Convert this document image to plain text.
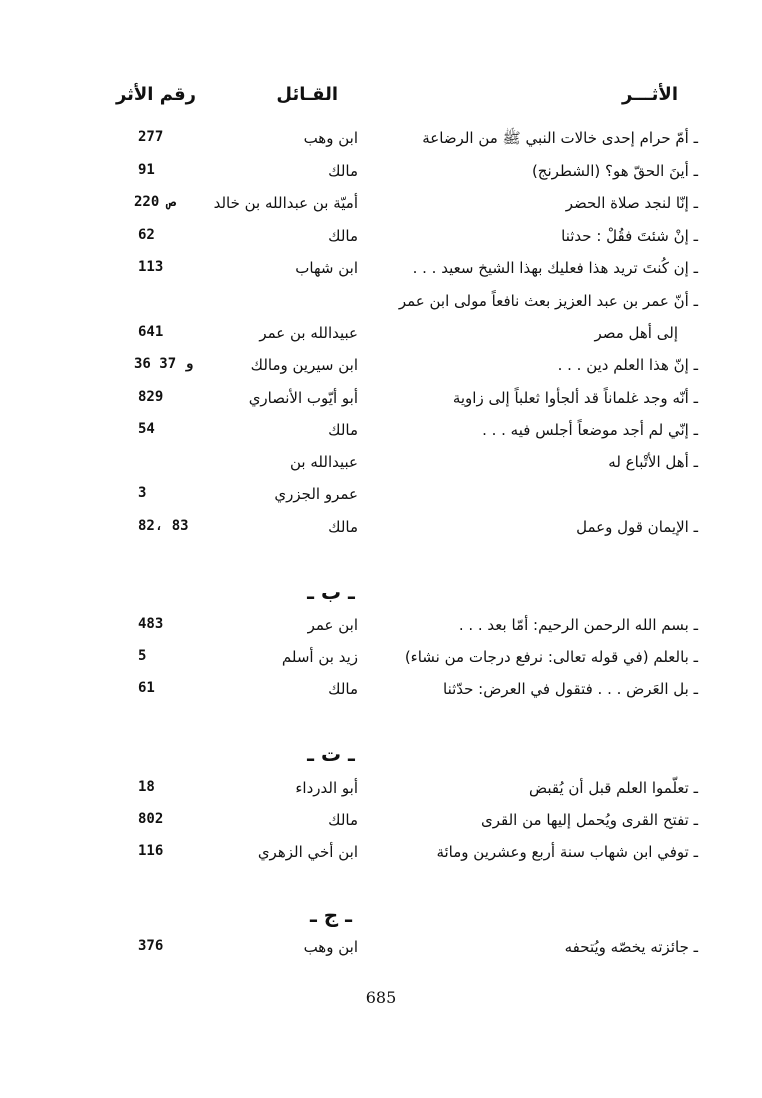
الأثـــر
القـائل
رقم الأثر
ـ أمّ حرام إحدى خالات النبي ﷺ من الرضاعة
ابن وهب
277
ـ أينَ الحقّ هو؟ (الشطرنج)
مالك
91
ـ إنّا لنجد صلاة الحضر
أميّة بن عبدالله بن خالد
ص 220
ـ إنْ شئتَ فقُلْ : حدثنا
مالك
62
ـ إن كُنتَ تريد هذا فعليك بهذا الشيخ سعيد . . .
ابن شهاب
113
ـ أنّ عمر بن عبد العزيز بعث نافعاً مولى ابن عمر
إلى أهل مصر
عبيدالله بن عمر
641
ـ إنّ هذا العلم دين . . .
ابن سيرين ومالك
36 و 37
ـ أنّه وجد غلماناً قد ألجأوا ثعلباً إلى زاوية
أبو أيّوب الأنصاري
829
ـ إنّي لم أجد موضعاً أجلس فيه . . .
مالك
54
ـ أهل الأتْباع له
عبيدالله بن
عمرو الجزري
3
ـ الإيمان قول وعمل
مالك
82، 83
ـ ب ـ
ـ بسم الله الرحمن الرحيم: أمّا بعد . . .
ابن عمر
483
ـ بالعلم (في قوله تعالى: نرفع درجات من نشاء)
زيد بن أسلم
5
ـ بل العَرض . . . فتقول في العرض: حدّثنا
مالك
61
ـ ت ـ
ـ تعلّموا العلم قبل أن يُقبض
أبو الدرداء
18
ـ تفتح القرى ويُحمل إليها من القرى
مالك
802
ـ توفي ابن شهاب سنة أربع وعشرين ومائة
ابن أخي الزهري
116
ـ ج ـ
ـ جائزته يخصّه ويُتحفه
ابن وهب
376
685
